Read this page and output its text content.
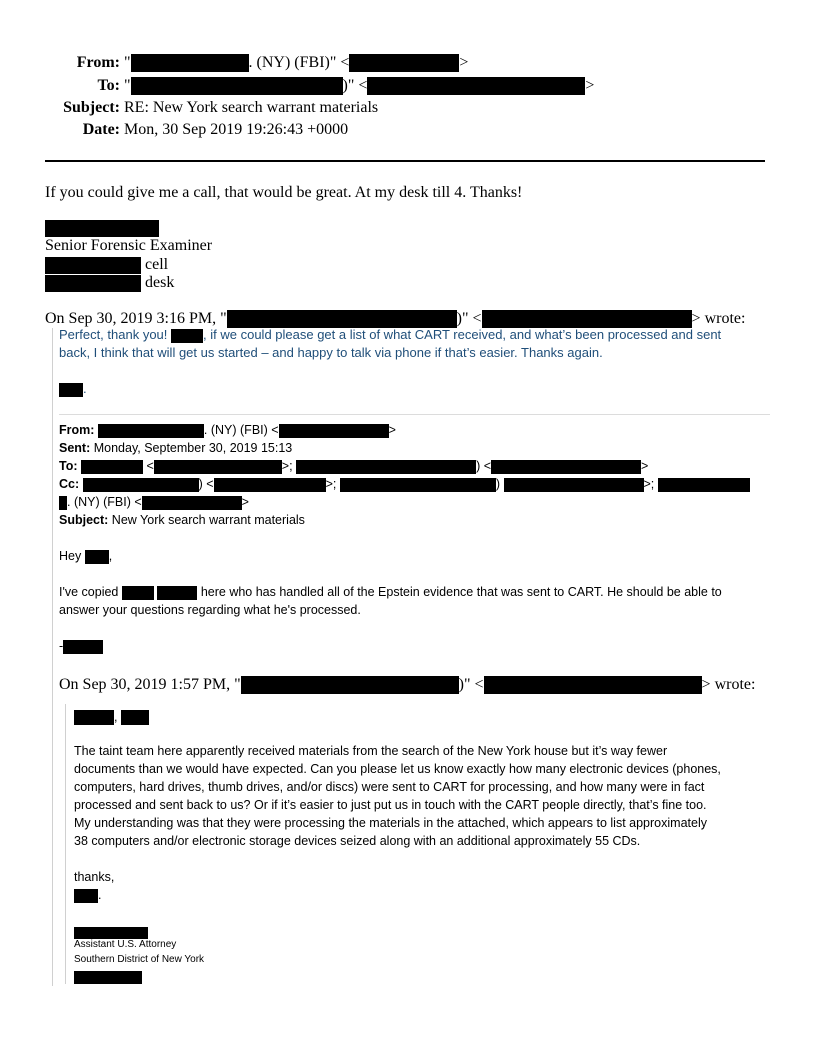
From: "	. (NY) (FBI)" <	>
To: "	)" <	>
Subject: RE: New York search warrant materials
Date: Mon, 30 Sep 2019 19:26:43 +0000
If you could give me a call, that would be great. At my desk till 4. Thanks!
Senior Forensic Examiner
cell
desk
On Sep 30, 2019 3:16 PM, "	)" <	> wrote:
Perfect, thank you!	, if we could please get a list of what CART received, and what’s been processed and sent
back, I think that will get us started – and happy to talk via phone if that’s easier. Thanks again.
.
From:	. (NY) (FBI) <	>
Sent: Monday, September 30, 2019 15:13
To:	<	>;	) <	>
Cc:	) <	>;	)	>;
. (NY) (FBI) <	>
Subject: New York search warrant materials
Hey ,
I've copied	here who has handled all of the Epstein evidence that was sent to CART. He should be able to
answer your questions regarding what he's processed.
-
On Sep 30, 2019 1:57 PM, "	)" <	> wrote:
,
The taint team here apparently received materials from the search of the New York house but it’s way fewer
documents than we would have expected. Can you please let us know exactly how many electronic devices (phones,
computers, hard drives, thumb drives, and/or discs) were sent to CART for processing, and how many were in fact
processed and sent back to us? Or if it’s easier to just put us in touch with the CART people directly, that’s fine too.
My understanding was that they were processing the materials in the attached, which appears to list approximately
38 computers and/or electronic storage devices seized along with an additional approximately 55 CDs.
thanks,
.
Assistant U.S. Attorney
Southern District of New York
